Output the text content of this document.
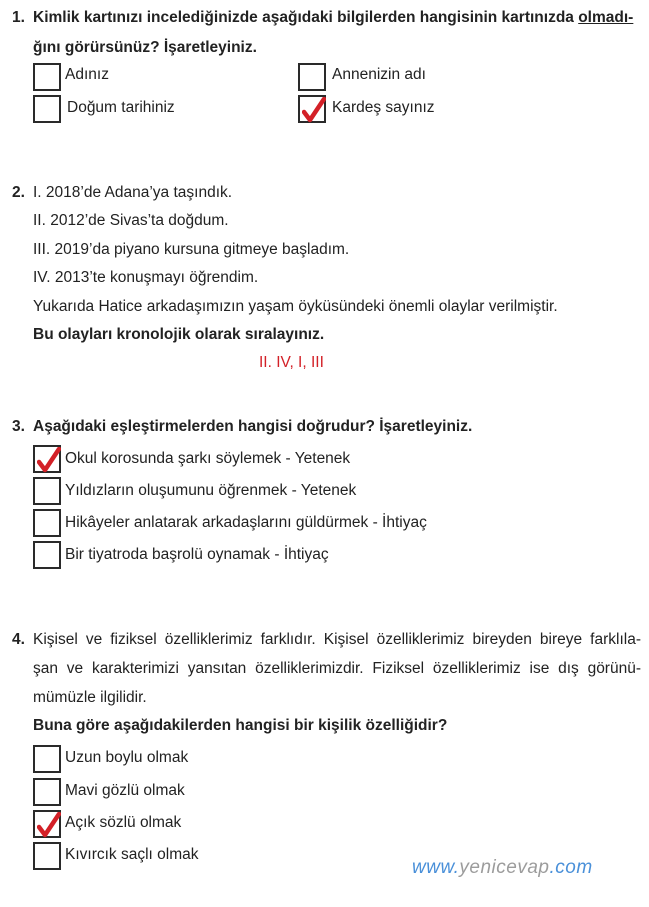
1. Kimlik kartınızı incelediğinizde aşağıdaki bilgilerden hangisinin kartınızda olmadı-
ğını görürsünüz? İşaretleyiniz.
Adınız	Annenizin adı
Doğum tarihiniz	Kardeş sayınız
2. I. 2018’de Adana’ya taşındık.
II. 2012’de Sivas’ta doğdum.
III. 2019’da piyano kursuna gitmeye başladım.
IV. 2013’te konuşmayı öğrendim.
Yukarıda Hatice arkadaşımızın yaşam öyküsündeki önemli olaylar verilmiştir.
Bu olayları kronolojik olarak sıralayınız.
II. IV, I, III
3. Aşağıdaki eşleştirmelerden hangisi doğrudur? İşaretleyiniz.
Okul korosunda şarkı söylemek - Yetenek
Yıldızların oluşumunu öğrenmek - Yetenek
Hikâyeler anlatarak arkadaşlarını güldürmek - İhtiyaç
Bir tiyatroda başrolü oynamak - İhtiyaç
4. Kişisel ve fiziksel özelliklerimiz farklıdır. Kişisel özelliklerimiz bireyden bireye farklıla-
şan ve karakterimizi yansıtan özelliklerimizdir. Fiziksel özelliklerimiz ise dış görünü-
mümüzle ilgilidir.
Buna göre aşağıdakilerden hangisi bir kişilik özelliğidir?
Uzun boylu olmak
Mavi gözlü olmak
Açık sözlü olmak
Kıvırcık saçlı olmak
www.yenicevap.com
